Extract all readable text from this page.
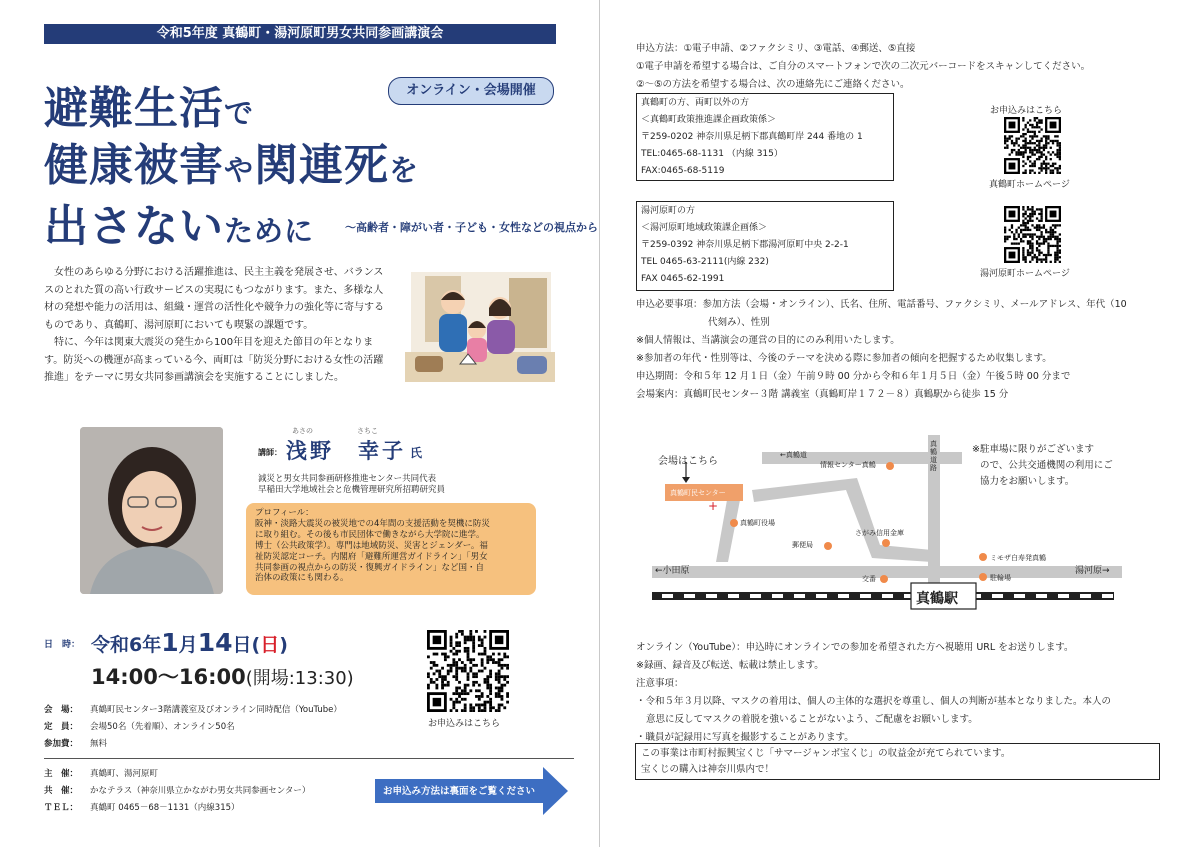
令和5年度 真鶴町・湯河原町男女共同参画講演会
避難生活で
健康被害や関連死を
出さないために
オンライン・会場開催
～高齢者・障がい者・子ども・女性などの視点から

　女性のあらゆる分野における活躍推進は、民主主義を発展させ、バランス

スのとれた質の高い行政サービスの実現にもつながります。また、多様な人

材の発想や能力の活用は、組織・運営の活性化や競争力の強化等に寄与する

ものであり、真鶴町、湯河原町においても喫緊の課題です。

　特に、今年は関東大震災の発生から100年目を迎えた節目の年となりま

す。防災への機運が高まっている今、両町は「防災分野における女性の活躍

推進」をテーマに男女共同参画講演会を実施することにしました。

あさの	さちこ
講師： 浅野　幸子 氏
減災と男女共同参画研修推進センター共同代表
早稲田大学地域社会と危機管理研究所招聘研究員

プロフィール：

阪神・淡路大震災の被災地での4年間の支援活動を契機に防災

に取り組む。その後も市民団体で働きながら大学院に進学。

博士（公共政策学）。専門は地域防災、災害とジェンダー。福

祉防災認定コーチ。内閣府「避難所運営ガイドライン」「男女

共同参画の視点からの防災・復興ガイドライン」など国・自

治体の政策にも関わる。

日　時： 令和6年1月14日(日)
14:00～16:00(開場:13:30)
会　場： 真鶴町民センター3階講義室及びオンライン同時配信（YouTube）
定　員： 会場50名（先着順）、オンライン50名
参加費： 無料
お申込みはこちら
主　催： 真鶴町、湯河原町
共　催： かなテラス（神奈川県立かながわ男女共同参画センター）
ＴＥＬ： 真鶴町 0465－68－1131（内線315）
お申込み方法は裏面をご覧ください
申込方法：①電子申請、②ファクシミリ、③電話、④郵送、⑤直接
①電子申請を希望する場合は、ご自分のスマートフォンで次の二次元バーコードをスキャンしてください。
②～⑤の方法を希望する場合は、次の連絡先にご連絡ください。

真鶴町の方、両町以外の方

＜真鶴町政策推進課企画政策係＞

〒259-0202 神奈川県足柄下郡真鶴町岸 244 番地の 1

TEL:0465-68-1131 （内線 315）

FAX:0465-68-5119

湯河原町の方

＜湯河原町地域政策課企画係＞

〒259-0392 神奈川県足柄下郡湯河原町中央 2-2-1

TEL 0465-63-2111(内線 232)

FAX 0465-62-1991

お申込みはこちら
真鶴町ホームページ
湯河原町ホームページ
申込必要事項：参加方法（会場・オンライン）、氏名、住所、電話番号、ファクシミリ、メールアドレス、年代（10
代刻み）、性別
※個人情報は、当講演会の運営の目的にのみ利用いたします。
※参加者の年代・性別等は、今後のテーマを決める際に参加者の傾向を把握するため収集します。
申込期間：令和５年 12 月１日（金）午前９時 00 分から令和６年１月５日（金）午後５時 00 分まで
会場案内：真鶴町民センター３階 講義室（真鶴町岸１７２－８）真鶴駅から徒歩 15 分
+
会場はこちら
真鶴町民センター
←真鶴道
情報センター真鶴
真鶴町役場
さがみ信用金庫
郵便局
←小田原	湯河原→
交番
ミモザ白寿発真鶴
駐輪場
真鶴駅
真鶴道路
※駐車場に限りがございます
ので、公共交通機関の利用にご
協力をお願いします。
オンライン（YouTube）：申込時にオンラインでの参加を希望された方へ視聴用 URL をお送りします。
※録画、録音及び転送、転載は禁止します。
注意事項：
・令和５年３月以降、マスクの着用は、個人の主体的な選択を尊重し、個人の判断が基本となりました。本人の
意思に反してマスクの着脱を強いることがないよう、ご配慮をお願いします。
・職員が記録用に写真を撮影することがあります。

この事業は市町村振興宝くじ「サマージャンボ宝くじ」の収益金が充てられています。

宝くじの購入は神奈川県内で！
